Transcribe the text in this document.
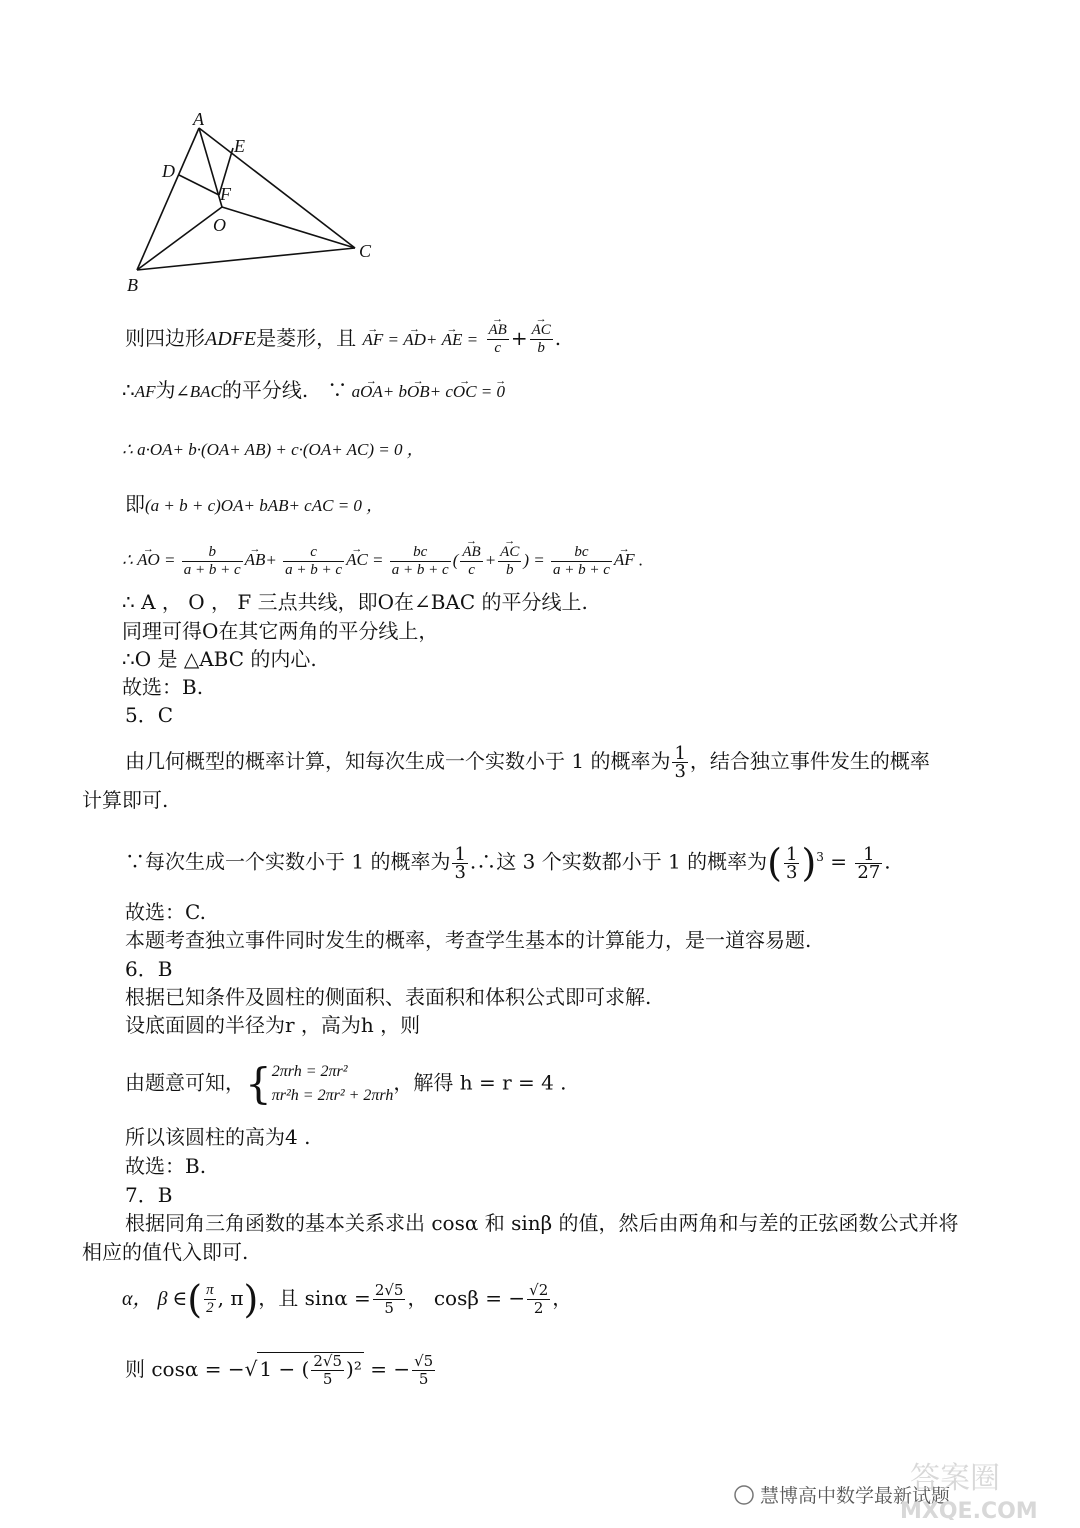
A
B
C
D
E
F
O
则四边形ADFE是菱形，且 → AF = → AD+ → AE =
→ $\frac{AB}{c}$ +
→ $\frac{AC}{b}$ .
∴AF为∠BAC的平分线. ∵ a→ OA+ b→ OB+ c→ OC = → 0
∴ a·OA+ b·(OA+ AB) + c·(OA+ AC) = 0 ，
即(a + b + c)OA+ bAB+ cAC = 0 ，
∴ → AO = $\frac{b}{a + b + c}$
→ $AB+ \frac{c}{a + b + c}$
→ AC = $\frac{bc}{a + b + c}$ (
→ $\frac{AB}{c}$ +
→ $\frac{AC}{b}$ ) = $\frac{bc}{a + b + c}$
→ AF .
∴ A ， O ， F 三点共线，即O在∠BAC 的平分线上.
同理可得O在其它两角的平分线上，
∴O 是 △ABC 的内心.
故选：B.
5．C
由几何概型的概率计算，知每次生成一个实数小于 1 的概率为 $\frac{1}{3}$ ，结合独立事件发生的概率
计算即可.
∵每次生成一个实数小于 1 的概率为 $\frac{1}{3}$ .∴这 3 个实数都小于 1 的概率为( $\frac{1}{3} )^3 = \frac{1}{27}$ .
故选：C.
本题考查独立事件同时发生的概率，考查学生基本的计算能力，是一道容易题.
6．B
根据已知条件及圆柱的侧面积、表面积和体积公式即可求解.
设底面圆的半径为r ，高为h ，则
由题意可知，{ 2πrh = 2πr²
πr²h = 2πr² + 2πrh
，解得 h = r = 4 .
所以该圆柱的高为4 .
故选：B.
7．B
根据同角三角函数的基本关系求出 cosα 和 sinβ 的值，然后由两角和与差的正弦函数公式并将
相应的值代入即可.
α， β ∈( $\frac{\pi}{2}$ , π)，且 $\sin\alpha = \frac{2√5}{5}$ ， cosβ = − $\frac{√2}{2}$ ，
则 cosα = −√ 1 − ( $\frac{2√5}{5} )^2$ = − $\frac{√5}{5}$
慧博高中数学最新试题
答案圈
MXQE.COM
